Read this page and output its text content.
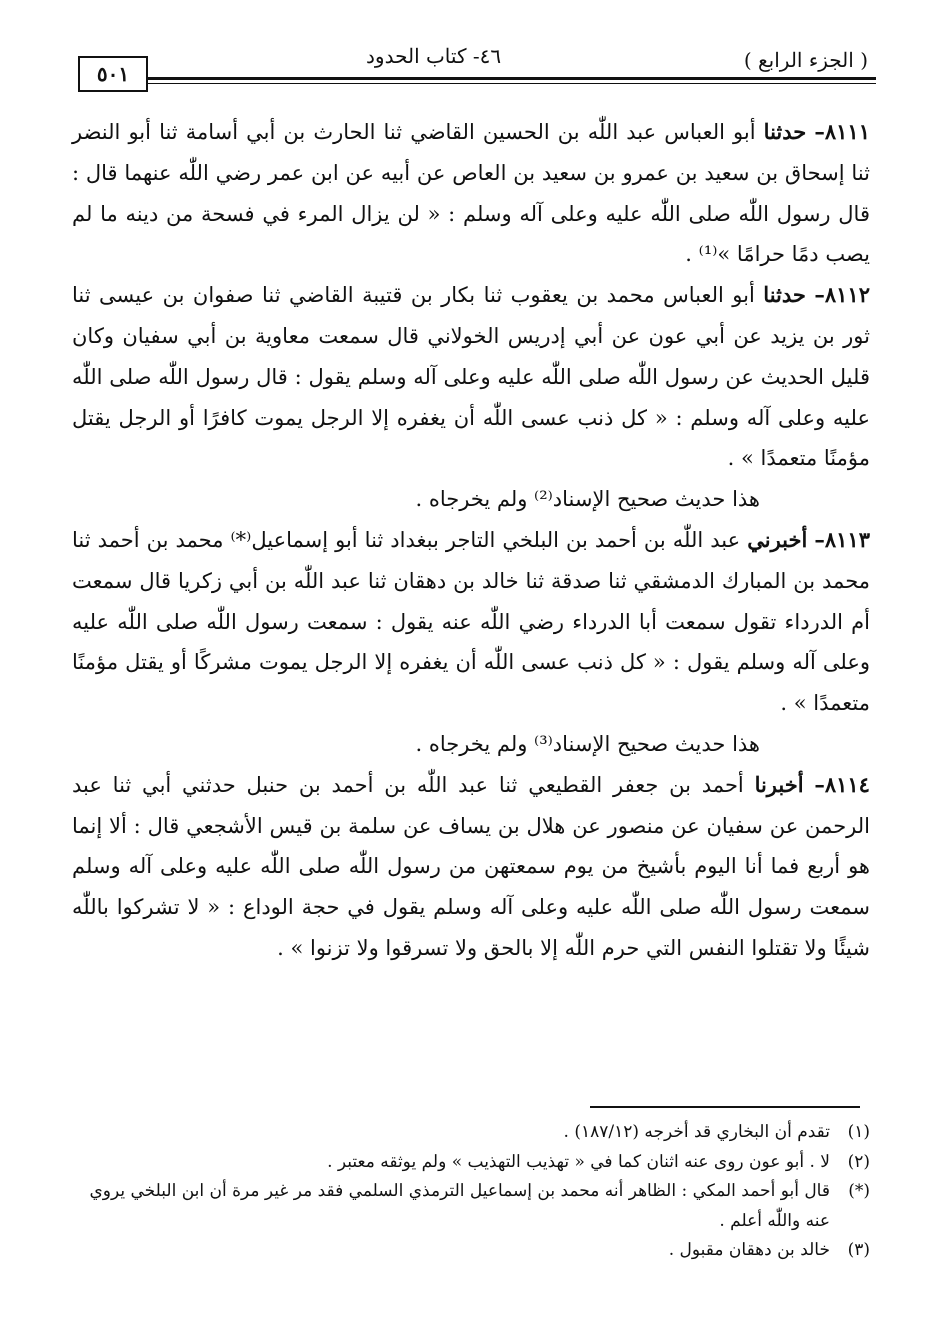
٥٠١
٤٦- كتاب الحدود	( الجزء الرابع )

٨١١١– حدثنا أبو العباس عبد اللّٰه بن الحسين القاضي ثنا الحارث بن أبي أسامة ثنا أبو النضر ثنا إسحاق بن سعيد بن عمرو بن سعيد بن العاص عن أبيه عن ابن عمر رضي اللّٰه عنهما قال : قال رسول اللّٰه صلى اللّٰه عليه وعلى آله وسلم : « لن يزال المرء في فسحة من دينه ما لم يصب دمًا حرامًا »⁽¹⁾ .

٨١١٢– حدثنا أبو العباس محمد بن يعقوب ثنا بكار بن قتيبة القاضي ثنا صفوان بن عيسى ثنا ثور بن يزيد عن أبي عون عن أبي إدريس الخولاني قال سمعت معاوية بن أبي سفيان وكان قليل الحديث عن رسول اللّٰه صلى اللّٰه عليه وعلى آله وسلم يقول : قال رسول اللّٰه صلى اللّٰه عليه وعلى آله وسلم : « كل ذنب عسى اللّٰه أن يغفره إلا الرجل يموت كافرًا أو الرجل يقتل مؤمنًا متعمدًا » .

هذا حديث صحيح الإسناد⁽²⁾ ولم يخرجاه .

٨١١٣– أخبرني عبد اللّٰه بن أحمد بن البلخي التاجر ببغداد ثنا أبو إسماعيل⁽*⁾ محمد بن أحمد ثنا محمد بن المبارك الدمشقي ثنا صدقة ثنا خالد بن دهقان ثنا عبد اللّٰه بن أبي زكريا قال سمعت أم الدرداء تقول سمعت أبا الدرداء رضي اللّٰه عنه يقول : سمعت رسول اللّٰه صلى اللّٰه عليه وعلى آله وسلم يقول : « كل ذنب عسى اللّٰه أن يغفره إلا الرجل يموت مشركًا أو يقتل مؤمنًا متعمدًا » .

هذا حديث صحيح الإسناد⁽³⁾ ولم يخرجاه .

٨١١٤– أخبرنا أحمد بن جعفر القطيعي ثنا عبد اللّٰه بن أحمد بن حنبل حدثني أبي ثنا عبد الرحمن عن سفيان عن منصور عن هلال بن يساف عن سلمة بن قيس الأشجعي قال : ألا إنما هو أربع فما أنا اليوم بأشيخ من يوم سمعتهن من رسول اللّٰه صلى اللّٰه عليه وعلى آله وسلم سمعت رسول اللّٰه صلى اللّٰه عليه وعلى آله وسلم يقول في حجة الوداع : « لا تشركوا باللّٰه شيئًا ولا تقتلوا النفس التي حرم اللّٰه إلا بالحق ولا تسرقوا ولا تزنوا » .

(١)
تقدم أن البخاري قد أخرجه (١٨٧/١٢) .

(٢)
لا . أبو عون روى عنه اثنان كما في « تهذيب التهذيب » ولم يوثقه معتبر .

(*)
قال أبو أحمد المكي : الظاهر أنه محمد بن إسماعيل الترمذي السلمي فقد مر غير مرة أن ابن البلخي يروي عنه واللّٰه أعلم .

(٣)
خالد بن دهقان مقبول .
